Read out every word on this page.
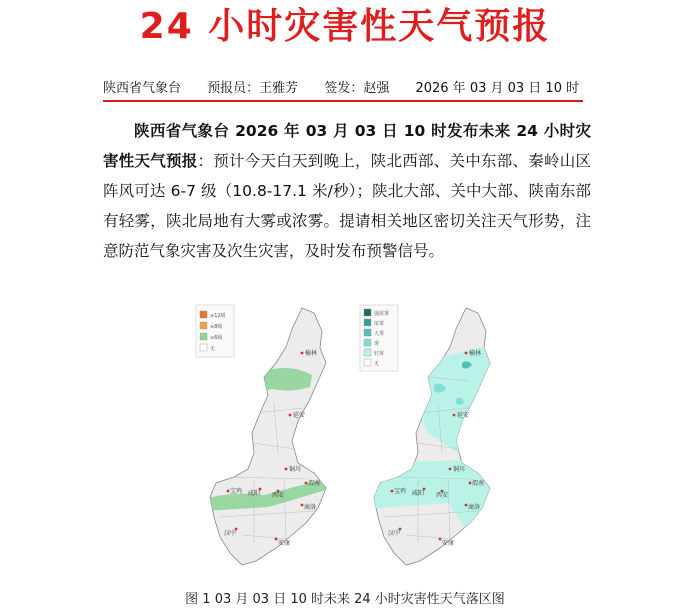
24 小时灾害性天气预报
陕西省气象台 预报员：王雅芳 签发：赵强 2026 年 03 月 03 日 10 时
陕西省气象台 2026 年 03 月 03 日 10 时发布未来 24 小时灾害性天气预报：预计今天白天到晚上，陕北西部、关中东部、秦岭山区阵风可达 6-7 级（10.8-17.1 米/秒）；陕北大部、关中大部、陕南东部有轻雾，陕北局地有大雾或浓雾。提请相关地区密切关注天气形势，注意防范气象灾害及次生灾害，及时发布预警信号。
≥12级
≥8级
≥6级
无
榆林
延安
铜川
渭南
宝鸡 咸阳 西安
商洛
汉中
安康
强浓雾
浓雾
大雾
雾
轻雾
无
榆林
延安
铜川
渭南
宝鸡 咸阳 西安
商洛
汉中
安康
图 1 03 月 03 日 10 时未来 24 小时灾害性天气落区图
